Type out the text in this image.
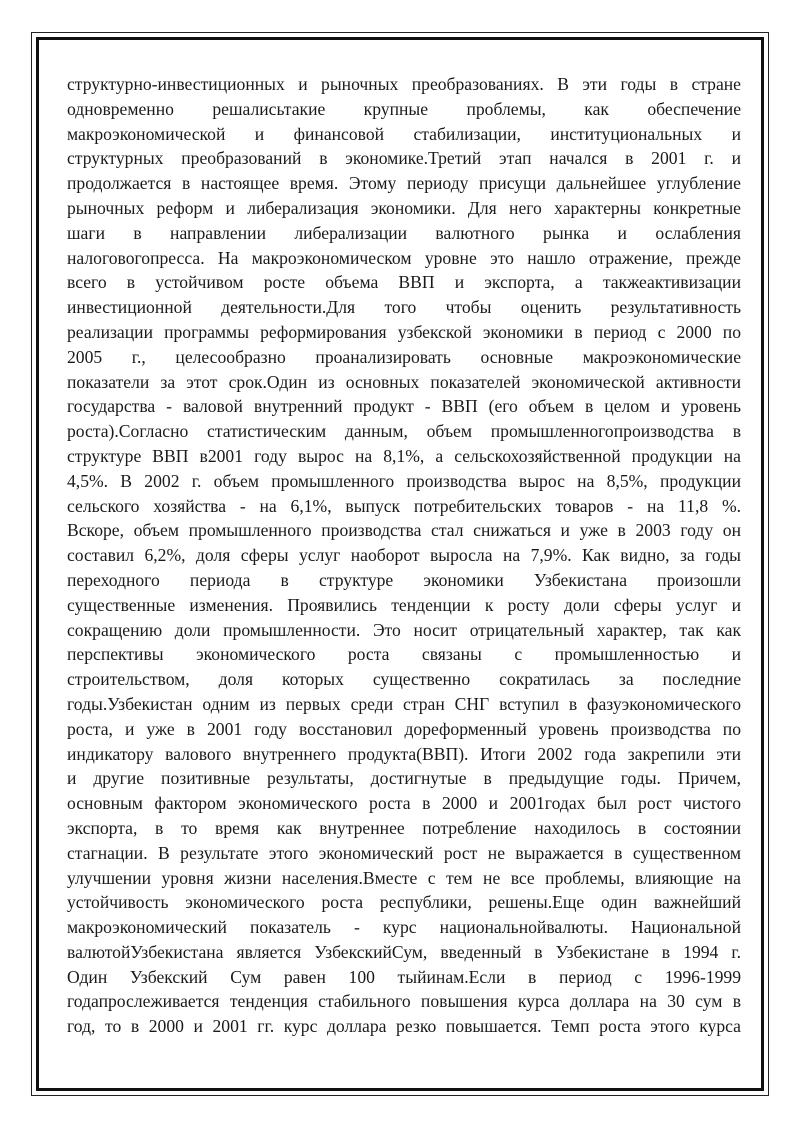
структурно-инвестиционных и рыночных преобразованиях. В эти годы в стране
одновременно решалисьтакие крупные проблемы, как обеспечение
макроэкономической и финансовой стабилизации, институциональных и
структурных преобразований в экономике.Третий этап начался в 2001 г. и
продолжается в настоящее время. Этому периоду присущи дальнейшее углубление
рыночных реформ и либерализация экономики. Для него характерны конкретные
шаги в направлении либерализации валютного рынка и ослабления
налоговогопресса. На макроэкономическом уровне это нашло отражение, прежде
всего в устойчивом росте объема ВВП и экспорта, а такжеактивизации
инвестиционной деятельности.Для того чтобы оценить результативность
реализации программы реформирования узбекской экономики в период с 2000 по
2005 г., целесообразно проанализировать основные макроэкономические
показатели за этот срок.Один из основных показателей экономической активности
государства - валовой внутренний продукт - ВВП (его объем в целом и уровень
роста).Согласно статистическим данным, объем промышленногопроизводства в
структуре ВВП в2001 году вырос на 8,1%, а сельскохозяйственной продукции на
4,5%. В 2002 г. объем промышленного производства вырос на 8,5%, продукции
сельского хозяйства - на 6,1%, выпуск потребительских товаров - на 11,8 %.
Вскоре, объем промышленного производства стал снижаться и уже в 2003 году он
составил 6,2%, доля сферы услуг наоборот выросла на 7,9%. Как видно, за годы
переходного периода в структуре экономики Узбекистана произошли
существенные изменения. Проявились тенденции к росту доли сферы услуг и
сокращению доли промышленности. Это носит отрицательный характер, так как
перспективы экономического роста связаны с промышленностью и
строительством, доля которых существенно сократилась за последние
годы.Узбекистан одним из первых среди стран СНГ вступил в фазуэкономического
роста, и уже в 2001 году восстановил дореформенный уровень производства по
индикатору валового внутреннего продукта(ВВП). Итоги 2002 года закрепили эти
и другие позитивные результаты, достигнутые в предыдущие годы. Причем,
основным фактором экономического роста в 2000 и 2001годах был рост чистого
экспорта, в то время как внутреннее потребление находилось в состоянии
стагнации. В результате этого экономический рост не выражается в существенном
улучшении уровня жизни населения.Вместе с тем не все проблемы, влияющие на
устойчивость экономического роста республики, решены.Еще один важнейший
макроэкономический показатель - курс национальнойвалюты. Национальной
валютойУзбекистана является УзбекскийСум, введенный в Узбекистане в 1994 г.
Один Узбекский Сум равен 100 тыйинам.Если в период с 1996-1999
годапрослеживается тенденция стабильного повышения курса доллара на 30 сум в
год, то в 2000 и 2001 гг. курс доллара резко повышается. Темп роста этого курса
